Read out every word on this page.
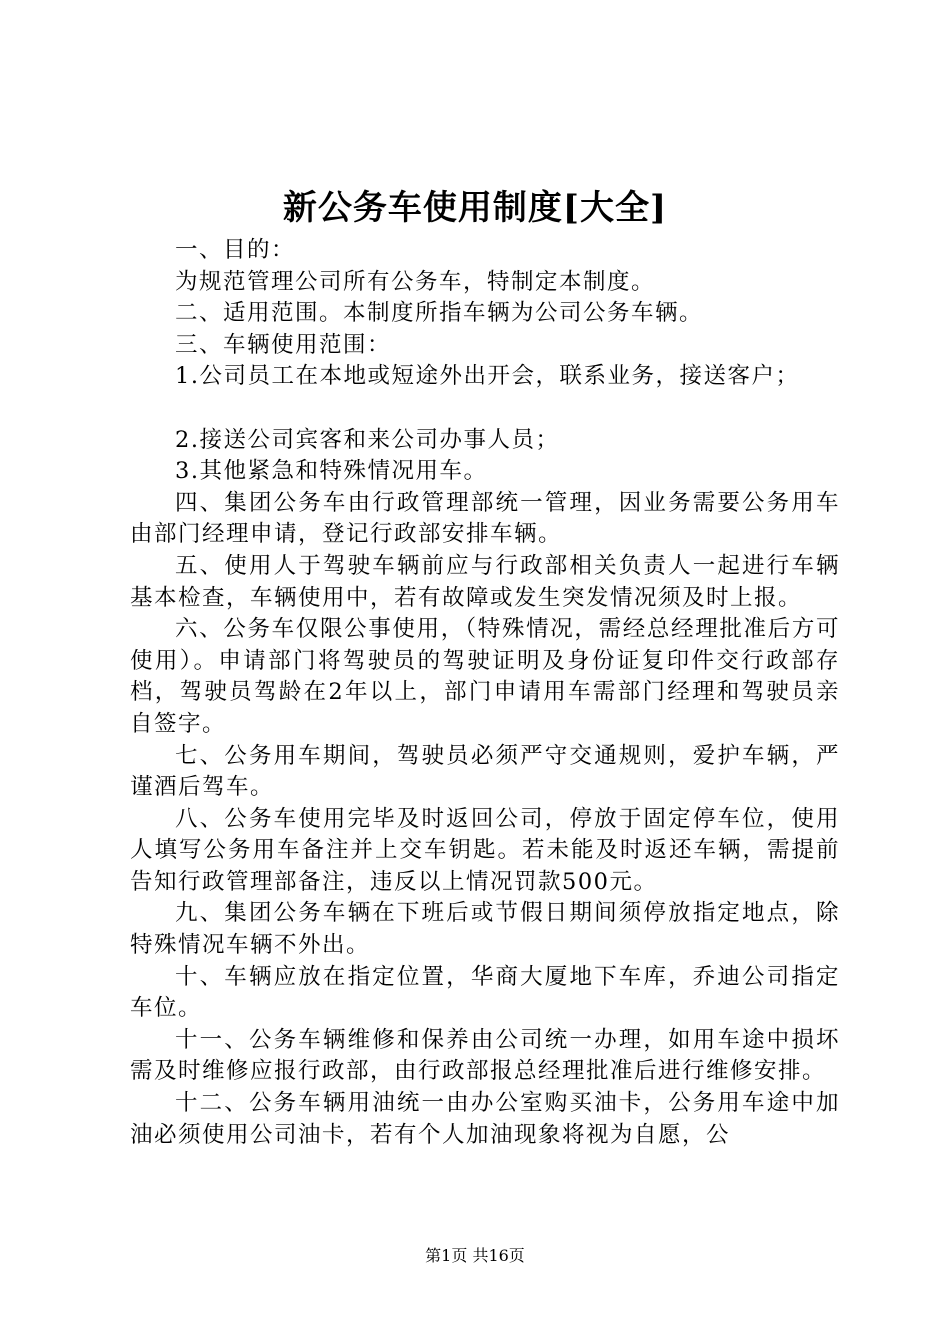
新公务车使用制度[大全]

一、目的：

为规范管理公司所有公务车，特制定本制度。

二、适用范围。本制度所指车辆为公司公务车辆。

三、车辆使用范围：

1.公司员工在本地或短途外出开会，联系业务，接送客户；

2.接送公司宾客和来公司办事人员；

3.其他紧急和特殊情况用车。

四、集团公务车由行政管理部统一管理，因业务需要公务用车由部门经理申请，登记行政部安排车辆。

五、使用人于驾驶车辆前应与行政部相关负责人一起进行车辆基本检查，车辆使用中，若有故障或发生突发情况须及时上报。

六、公务车仅限公事使用，（特殊情况，需经总经理批准后方可使用）。申请部门将驾驶员的驾驶证明及身份证复印件交行政部存档，驾驶员驾龄在2年以上，部门申请用车需部门经理和驾驶员亲自签字。

七、公务用车期间，驾驶员必须严守交通规则，爱护车辆，严谨酒后驾车。

八、公务车使用完毕及时返回公司，停放于固定停车位，使用人填写公务用车备注并上交车钥匙。若未能及时返还车辆，需提前告知行政管理部备注，违反以上情况罚款500元。

九、集团公务车辆在下班后或节假日期间须停放指定地点，除特殊情况车辆不外出。

十、车辆应放在指定位置，华商大厦地下车库，乔迪公司指定车位。

十一、公务车辆维修和保养由公司统一办理，如用车途中损坏需及时维修应报行政部，由行政部报总经理批准后进行维修安排。

十二、公务车辆用油统一由办公室购买油卡，公务用车途中加油必须使用公司油卡，若有个人加油现象将视为自愿，公

第1页 共16页
